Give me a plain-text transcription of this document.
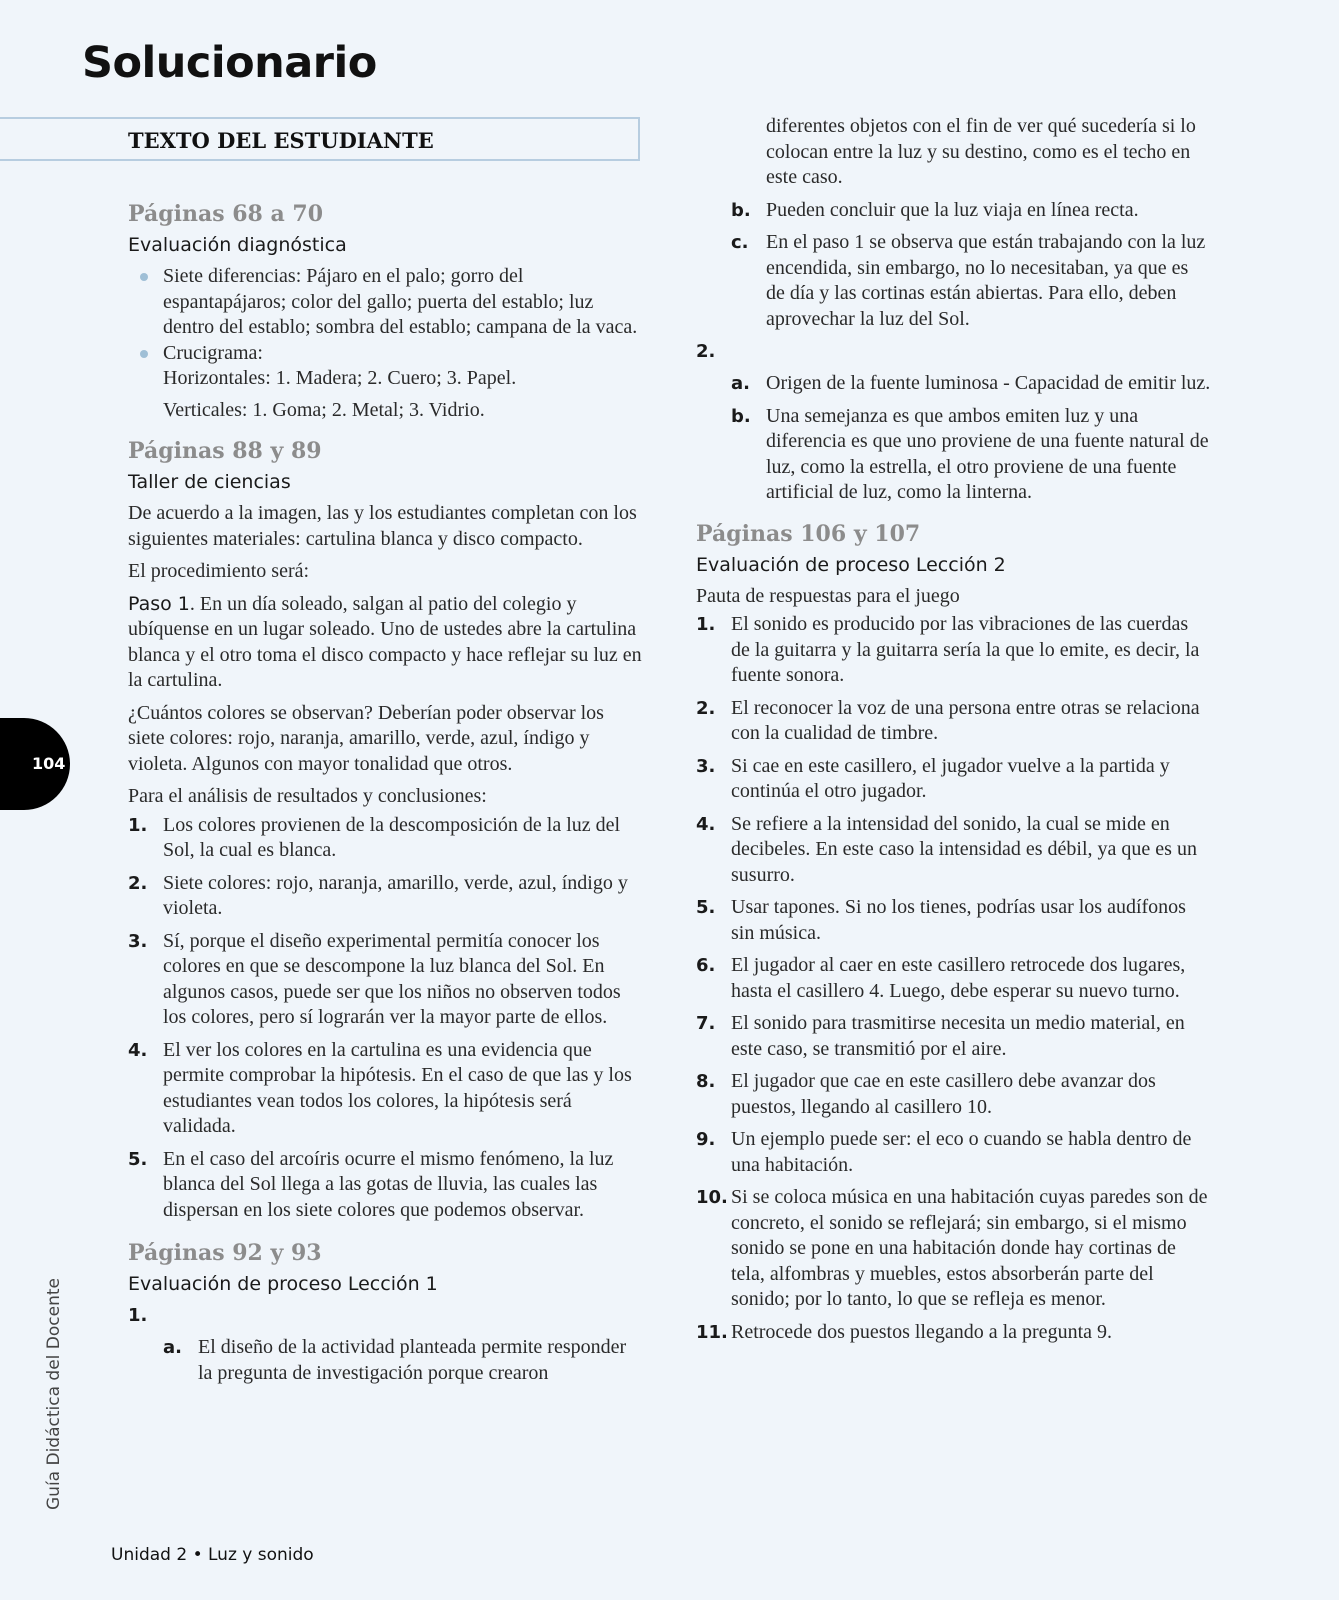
Solucionario
TEXTO DEL ESTUDIANTE
104
Guía Didáctica del Docente
Páginas 68 a 70
Evaluación diagnóstica
Siete diferencias: Pájaro en el palo; gorro del espantapájaros; color del gallo; puerta del establo; luz dentro del establo; sombra del establo; campana de la vaca.
Crucigrama:
Horizontales: 1. Madera; 2. Cuero; 3. Papel.
Verticales: 1. Goma; 2. Metal; 3. Vidrio.
Páginas 88 y 89
Taller de ciencias

De acuerdo a la imagen, las y los estudiantes completan con los siguientes materiales: cartulina blanca y disco compacto.

El procedimiento será:

Paso 1. En un día soleado, salgan al patio del colegio y ubíquense en un lugar soleado. Uno de ustedes abre la cartulina blanca y el otro toma el disco compacto y hace reflejar su luz en la cartulina.

¿Cuántos colores se observan? Deberían poder observar los siete colores: rojo, naranja, amarillo, verde, azul, índigo y violeta. Algunos con mayor tonalidad que otros.

Para el análisis de resultados y conclusiones:

1. Los colores provienen de la descomposición de la luz del Sol, la cual es blanca.
2. Siete colores: rojo, naranja, amarillo, verde, azul, índigo y violeta.
3. Sí, porque el diseño experimental permitía conocer los colores en que se descompone la luz blanca del Sol. En algunos casos, puede ser que los niños no observen todos los colores, pero sí lograrán ver la mayor parte de ellos.
4. El ver los colores en la cartulina es una evidencia que permite comprobar la hipótesis. En el caso de que las y los estudiantes vean todos los colores, la hipótesis será validada.
5. En el caso del arcoíris ocurre el mismo fenómeno, la luz blanca del Sol llega a las gotas de lluvia, las cuales las dispersan en los siete colores que podemos observar.
Páginas 92 y 93
Evaluación de proceso Lección 1
1.
a. El diseño de la actividad planteada permite responder la pregunta de investigación porque crearon
diferentes objetos con el fin de ver qué sucedería si lo colocan entre la luz y su destino, como es el techo en este caso.
b. Pueden concluir que la luz viaja en línea recta.
c. En el paso 1 se observa que están trabajando con la luz encendida, sin embargo, no lo necesitaban, ya que es de día y las cortinas están abiertas. Para ello, deben aprovechar la luz del Sol.
2.
a. Origen de la fuente luminosa - Capacidad de emitir luz.
b. Una semejanza es que ambos emiten luz y una diferencia es que uno proviene de una fuente natural de luz, como la estrella, el otro proviene de una fuente artificial de luz, como la linterna.
Páginas 106 y 107
Evaluación de proceso Lección 2

Pauta de respuestas para el juego

1. El sonido es producido por las vibraciones de las cuerdas de la guitarra y la guitarra sería la que lo emite, es decir, la fuente sonora.
2. El reconocer la voz de una persona entre otras se relaciona con la cualidad de timbre.
3. Si cae en este casillero, el jugador vuelve a la partida y continúa el otro jugador.
4. Se refiere a la intensidad del sonido, la cual se mide en decibeles. En este caso la intensidad es débil, ya que es un susurro.
5. Usar tapones. Si no los tienes, podrías usar los audífonos sin música.
6. El jugador al caer en este casillero retrocede dos lugares, hasta el casillero 4. Luego, debe esperar su nuevo turno.
7. El sonido para trasmitirse necesita un medio material, en este caso, se transmitió por el aire.
8. El jugador que cae en este casillero debe avanzar dos puestos, llegando al casillero 10.
9. Un ejemplo puede ser: el eco o cuando se habla dentro de una habitación.
10. Si se coloca música en una habitación cuyas paredes son de concreto, el sonido se reflejará; sin embargo, si el mismo sonido se pone en una habitación donde hay cortinas de tela, alfombras y muebles, estos absorberán parte del sonido; por lo tanto, lo que se refleja es menor.
11. Retrocede dos puestos llegando a la pregunta 9.
Unidad 2 • Luz y sonido
